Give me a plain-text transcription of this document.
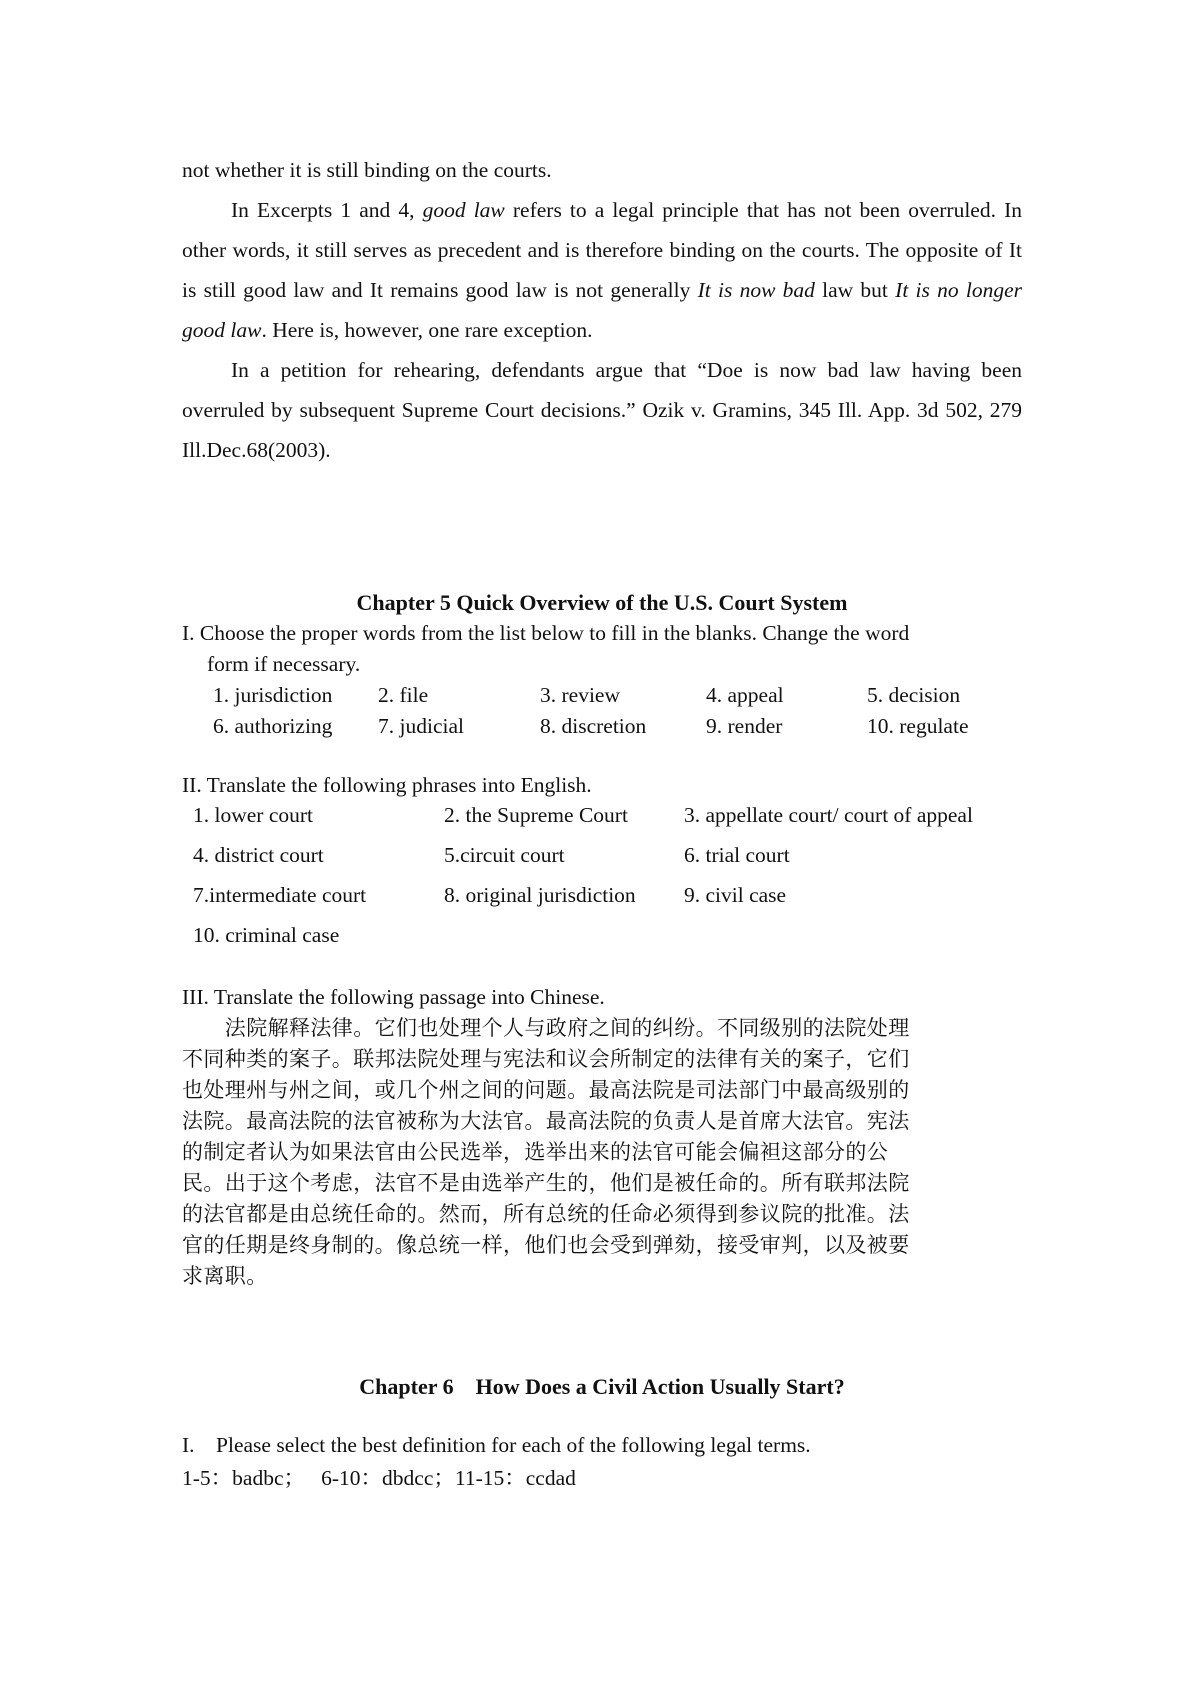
not whether it is still binding on the courts.

In Excerpts 1 and 4, good law refers to a legal principle that has not been overruled. In other words, it still serves as precedent and is therefore binding on the courts. The opposite of It is still good law and It remains good law is not generally It is now bad law but It is no longer good law. Here is, however, one rare exception.

In a petition for rehearing, defendants argue that “Doe is now bad law having been overruled by subsequent Supreme Court decisions.” Ozik v. Gramins, 345 Ill. App. 3d 502, 279 Ill.Dec.68(2003).

Chapter 5 Quick Overview of the U.S. Court System

I. Choose the proper words from the list below to fill in the blanks. Change the word

form if necessary.

1. jurisdiction	2. file	3. review	4. appeal	5. decision
6. authorizing	7. judicial	8. discretion	9. render	10. regulate

II. Translate the following phrases into English.

1. lower court	2. the Supreme Court	3. appellate court/ court of appeal
4. district court	5.circuit court	6. trial court
7.intermediate court	8. original jurisdiction	9. civil case
10. criminal case

III. Translate the following passage into Chinese.

　　法院解释法律。它们也处理个人与政府之间的纠纷。不同级别的法院处理

不同种类的案子。联邦法院处理与宪法和议会所制定的法律有关的案子，它们

也处理州与州之间，或几个州之间的问题。最高法院是司法部门中最高级别的

法院。最高法院的法官被称为大法官。最高法院的负责人是首席大法官。宪法

的制定者认为如果法官由公民选举，选举出来的法官可能会偏袒这部分的公

民。出于这个考虑，法官不是由选举产生的，他们是被任命的。所有联邦法院

的法官都是由总统任命的。然而，所有总统的任命必须得到参议院的批准。法

官的任期是终身制的。像总统一样，他们也会受到弹劾，接受审判，以及被要

求离职。

Chapter 6    How Does a Civil Action Usually Start?

I.    Please select the best definition for each of the following legal terms.

1-5：badbc；   6-10：dbdcc；11-15：ccdad
